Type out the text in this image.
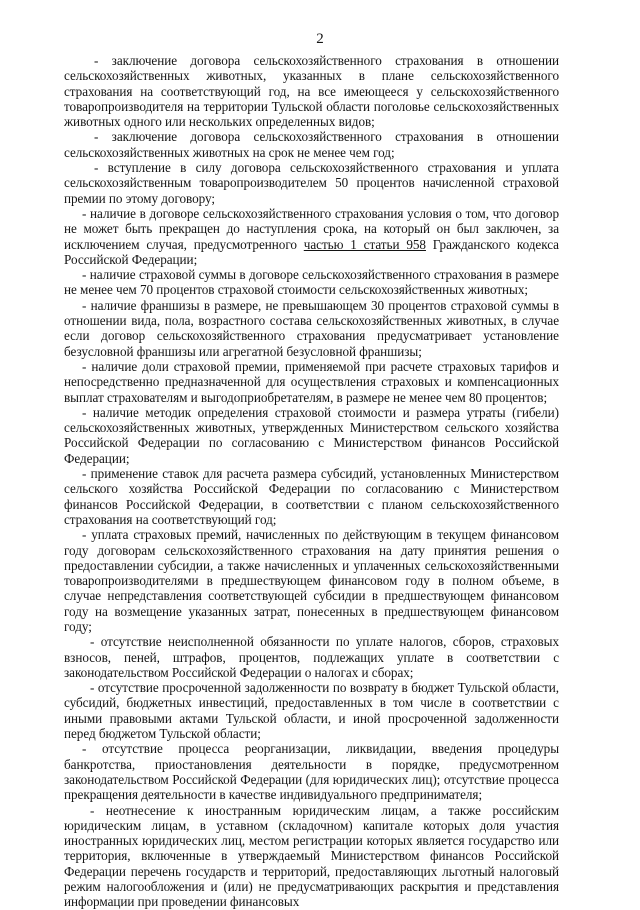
2

- заключение договора сельскохозяйственного страхования в отношении сельскохозяйственных животных, указанных в плане сельскохозяйственного страхования на соответствующий год, на все имеющееся у сельскохозяйственного товаропроизводителя на территории Тульской области поголовье сельскохозяйственных животных одного или нескольких определенных видов;

- заключение договора сельскохозяйственного страхования в отношении сельскохозяйственных животных на срок не менее чем год;

- вступление в силу договора сельскохозяйственного страхования и уплата сельскохозяйственным товаропроизводителем 50 процентов начисленной страховой премии по этому договору;

- наличие в договоре сельскохозяйственного страхования условия о том, что договор не может быть прекращен до наступления срока, на который он был заключен, за исключением случая, предусмотренного частью 1 статьи 958 Гражданского кодекса Российской Федерации;

- наличие страховой суммы в договоре сельскохозяйственного страхования в размере не менее чем 70 процентов страховой стоимости сельскохозяйственных животных;

- наличие франшизы в размере, не превышающем 30 процентов страховой суммы в отношении вида, пола, возрастного состава сельскохозяйственных животных, в случае если договор сельскохозяйственного страхования предусматривает установление безусловной франшизы или агрегатной безусловной франшизы;

- наличие доли страховой премии, применяемой при расчете страховых тарифов и непосредственно предназначенной для осуществления страховых и компенсационных выплат страхователям и выгодоприобретателям, в размере не менее чем 80 процентов;

- наличие методик определения страховой стоимости и размера утраты (гибели) сельскохозяйственных животных, утвержденных Министерством сельского хозяйства Российской Федерации по согласованию с Министерством финансов Российской Федерации;

- применение ставок для расчета размера субсидий, установленных Министерством сельского хозяйства Российской Федерации по согласованию с Министерством финансов Российской Федерации, в соответствии с планом сельскохозяйственного страхования на соответствующий год;

- уплата страховых премий, начисленных по действующим в текущем финансовом году договорам сельскохозяйственного страхования на дату принятия решения о предоставлении субсидии, а также начисленных и уплаченных сельскохозяйственными товаропроизводителями в предшествующем финансовом году в полном объеме, в случае непредставления соответствующей субсидии в предшествующем финансовом году на возмещение указанных затрат, понесенных в предшествующем финансовом году;

- отсутствие неисполненной обязанности по уплате налогов, сборов, страховых взносов, пеней, штрафов, процентов, подлежащих уплате в соответствии с законодательством Российской Федерации о налогах и сборах;

- отсутствие просроченной задолженности по возврату в бюджет Тульской области, субсидий, бюджетных инвестиций, предоставленных в том числе в соответствии с иными правовыми актами Тульской области, и иной просроченной задолженности перед бюджетом Тульской области;

- отсутствие процесса реорганизации, ликвидации, введения процедуры банкротства, приостановления деятельности в порядке, предусмотренном законодательством Российской Федерации (для юридических лиц); отсутствие процесса прекращения деятельности в качестве индивидуального предпринимателя;

- неотнесение к иностранным юридическим лицам, а также российским юридическим лицам, в уставном (складочном) капитале которых доля участия иностранных юридических лиц, местом регистрации которых является государство или территория, включенные в утверждаемый Министерством финансов Российской Федерации перечень государств и территорий, предоставляющих льготный налоговый режим налогообложения и (или) не предусматривающих раскрытия и представления информации при проведении финансовых
